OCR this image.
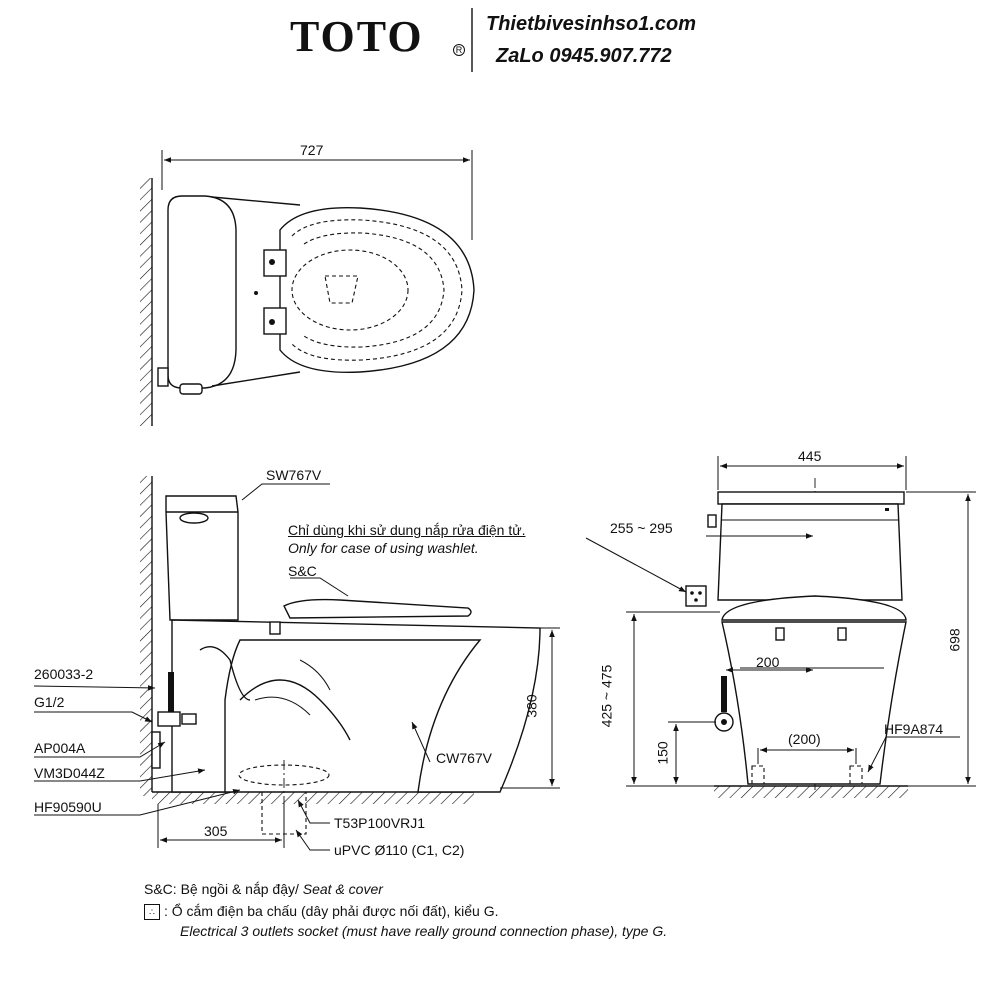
TOTO	R
Thietbivesinhso1.com
ZaLo 0945.907.772
727
SW767V
Chỉ dùng khi sử dung nắp rửa điện tử.
Only for case of using washlet.
S&C
260033-2
G1/2
AP004A
VM3D044Z
HF90590U
CW767V
380
305	T53P100VRJ1
uPVC Ø110 (C1, C2)
445
255 ~ 295
425 ~ 475
698
200
(200)
150
HF9A874
S&C: Bệ ngồi & nắp đậy/ Seat & cover
∴ : Ổ cắm điện ba chấu (dây phải được nối đất), kiểu G.
Electrical 3 outlets socket (must have really ground connection phase), type G.
